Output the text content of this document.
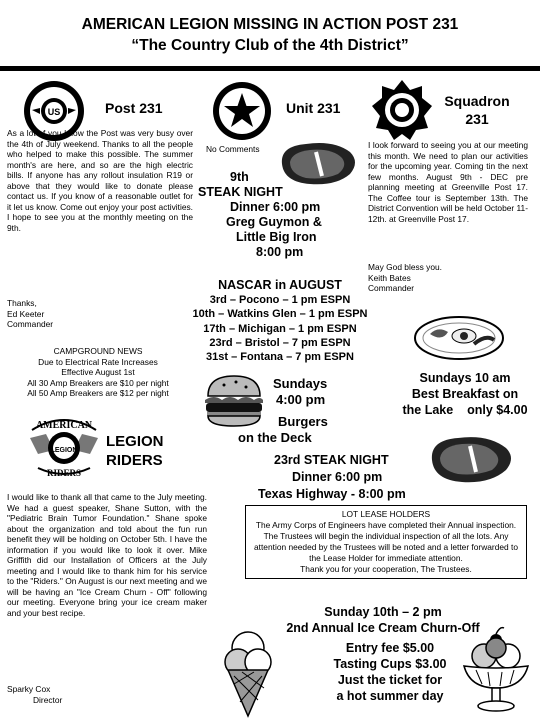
AMERICAN LEGION MISSING IN ACTION POST 231
“The Country Club of the 4th District”
US	Post 231
As a lot of you know the Post was very busy over the 4th of July weekend. Thanks to all the people who helped to make this possible. The summer month's are here, and so are the high electric bills. If anyone has any rollout insulation R19 or above that they would like to donate please contact us. If you know of a reasonable outlet for it let us know. Come out enjoy your post activities. I hope to see you at the monthly meeting on the 9th.
Thanks,
Ed Keeter
Commander
CAMPGROUND NEWS
Due to Electrical Rate Increases
Effective August 1st
All 30 Amp Breakers are $10 per night
All 50 Amp Breakers are $12 per night
AMERICAN
LEGION
RIDERS
LEGION
RIDERS
I would like to thank all that came to the July meeting. We had a guest speaker, Shane Sutton, with the "Pediatric Brain Tumor Foundation." Shane spoke about the organization and told about the fun run benefit they will be holding on October 5th. I have the information if you would like to look it over. Mike Griffith did our Installation of Officers at the July meeting and I would like to thank him for his service to the "Riders." On August is our next meeting and we will be having an "Ice Cream Churn - Off" following our meeting. Everyone bring your ice cream maker and your best recipe.
Sparky Cox
Director
Unit 231
No Comments
9th
STEAK NIGHT
Dinner 6:00 pm
Greg Guymon &
Little Big Iron
8:00 pm
NASCAR in AUGUST
3rd – Pocono – 1 pm ESPN
10th – Watkins Glen – 1 pm ESPN
17th – Michigan – 1 pm ESPN
23rd – Bristol – 7 pm ESPN
31st – Fontana – 7 pm ESPN
Sundays
4:00 pm
Burgers
on the Deck
Squadron
231
I look forward to seeing you at our meeting this month. We need to plan our activities for the upcoming year. Coming tin the next few months. August 9th - DEC pre planning meeting at Greenville Post 17. The Coffee tour is September 13th. The District Convention will be held October 11-12th. at Greenville Post 17.
May God bless you.
Keith Bates
Commander
Sundays 10 am
Best Breakfast on
the Lake    only $4.00
23rd STEAK NIGHT
Dinner 6:00 pm
Texas Highway - 8:00 pm
LOT LEASE HOLDERS
The Army Corps of Engineers have completed their Annual inspection. The Trustees will begin the individual inspection of all the lots. Any attention needed by the Trustees will be noted and a letter forwarded to the Lease Holder for immediate attention.
Thank you for your cooperation, The Trustees.
Sunday 10th – 2 pm
2nd Annual Ice Cream Churn-Off
Entry fee $5.00
Tasting Cups $3.00
Just the ticket for
a hot summer day
